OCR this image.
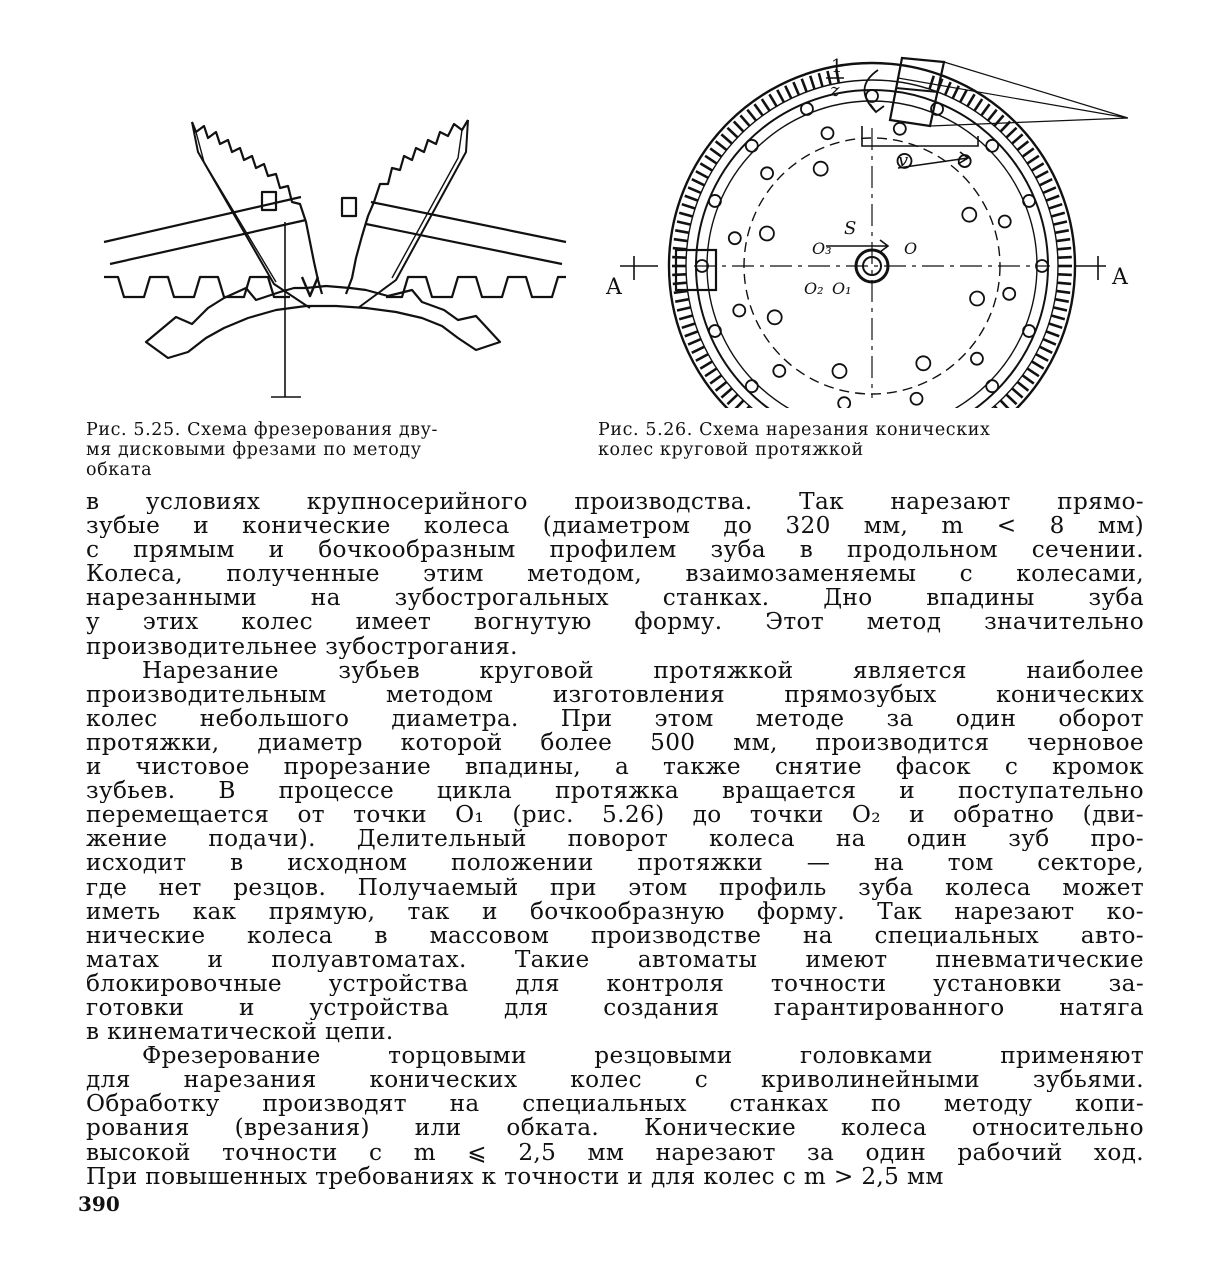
1
z
v
S
O₃	O
O₂ O₁
A	A
Рис. 5.25. Схема фрезерования дву-
мя дисковыми фрезами по методу
обката
Рис. 5.26. Схема нарезания конических
колес круговой протяжкой
в условиях крупносерийного производства. Так нарезают прямо-
зубые и конические колеса (диаметром до 320 мм, m < 8 мм)
с прямым и бочкообразным профилем зуба в продольном сечении.
Колеса, полученные этим методом, взаимозаменяемы с колесами,
нарезанными на зубострогальных станках. Дно впадины зуба
у этих колес имеет вогнутую форму. Этот метод значительно
производительнее зубострогания.
Нарезание зубьев круговой протяжкой является наиболее
производительным методом изготовления прямозубых конических
колес небольшого диаметра. При этом методе за один оборот
протяжки, диаметр которой более 500 мм, производится черновое
и чистовое прорезание впадины, а также снятие фасок с кромок
зубьев. В процессе цикла протяжка вращается и поступательно
перемещается от точки O₁ (рис. 5.26) до точки O₂ и обратно (дви-
жение подачи). Делительный поворот колеса на один зуб про-
исходит в исходном положении протяжки — на том секторе,
где нет резцов. Получаемый при этом профиль зуба колеса может
иметь как прямую, так и бочкообразную форму. Так нарезают ко-
нические колеса в массовом производстве на специальных авто-
матах и полуавтоматах. Такие автоматы имеют пневматические
блокировочные устройства для контроля точности установки за-
готовки и устройства для создания гарантированного натяга
в кинематической цепи.
Фрезерование торцовыми резцовыми головками применяют
для нарезания конических колес с криволинейными зубьями.
Обработку производят на специальных станках по методу копи-
рования (врезания) или обката. Конические колеса относительно
высокой точности с m ⩽ 2,5 мм нарезают за один рабочий ход.
При повышенных требованиях к точности и для колес с m > 2,5 мм
390
